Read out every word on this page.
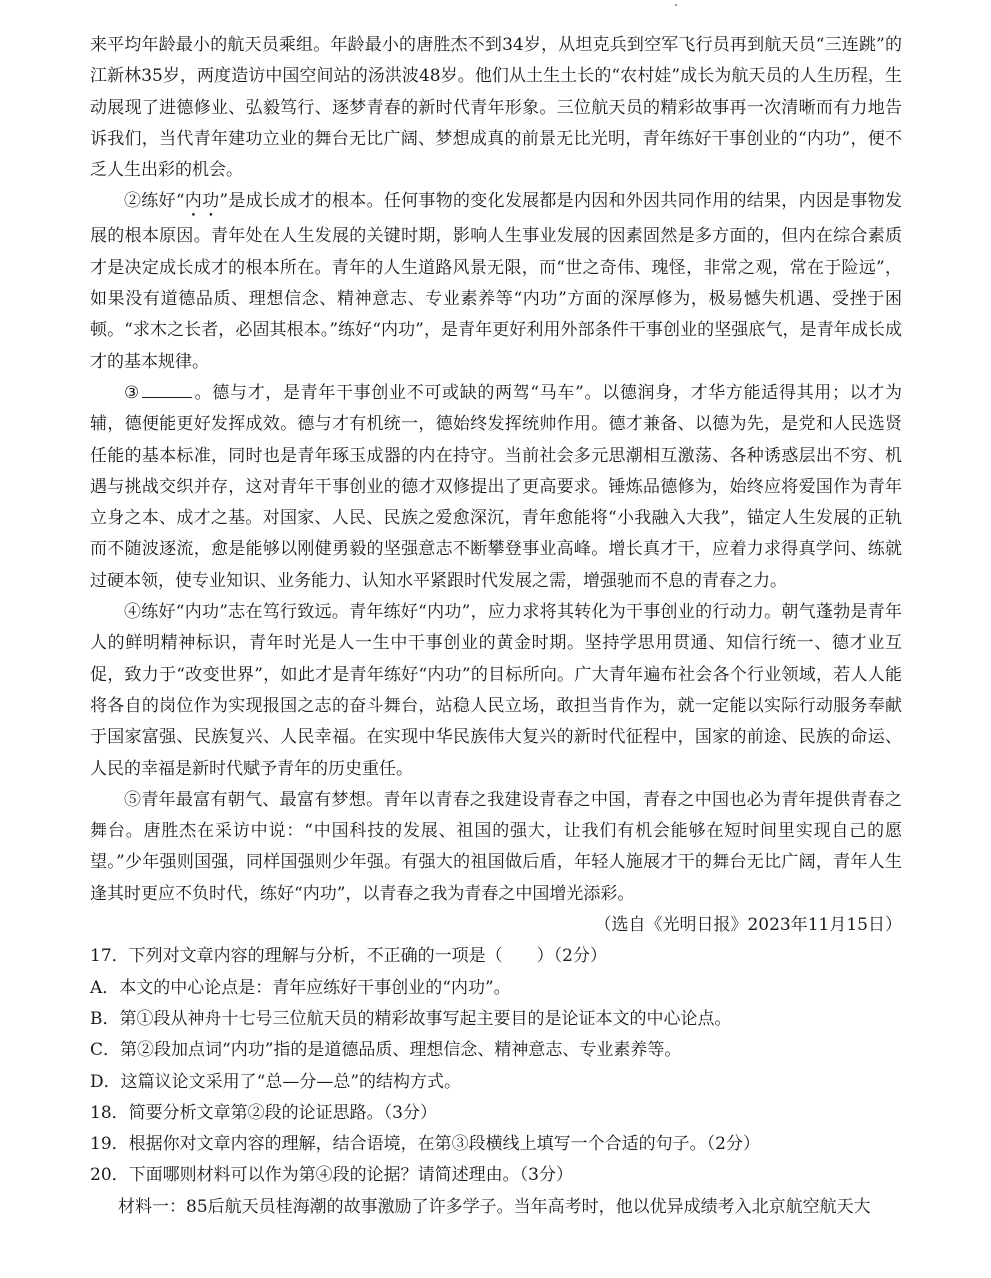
来平均年龄最小的航天员乘组。年龄最小的唐胜杰不到34岁，从坦克兵到空军飞行员再到航天员“三连跳”的江新林35岁，两度造访中国空间站的汤洪波48岁。他们从土生土长的“农村娃”成长为航天员的人生历程，生动展现了进德修业、弘毅笃行、逐梦青春的新时代青年形象。三位航天员的精彩故事再一次清晰而有力地告诉我们，当代青年建功立业的舞台无比广阔、梦想成真的前景无比光明，青年练好干事创业的“内功”，便不乏人生出彩的机会。

②练好“内功”是成长成才的根本。任何事物的变化发展都是内因和外因共同作用的结果，内因是事物发展的根本原因。青年处在人生发展的关键时期，影响人生事业发展的因素固然是多方面的，但内在综合素质才是决定成长成才的根本所在。青年的人生道路风景无限，而“世之奇伟、瑰怪，非常之观，常在于险远”，如果没有道德品质、理想信念、精神意志、专业素养等“内功”方面的深厚修为，极易憾失机遇、受挫于困顿。“求木之长者，必固其根本。”练好“内功”，是青年更好利用外部条件干事创业的坚强底气，是青年成长成才的基本规律。

③	。德与才，是青年干事创业不可或缺的两驾“马车”。以德润身，才华方能适得其用；以才为辅，德便能更好发挥成效。德与才有机统一，德始终发挥统帅作用。德才兼备、以德为先，是党和人民选贤任能的基本标准，同时也是青年琢玉成器的内在持守。当前社会多元思潮相互激荡、各种诱惑层出不穷、机遇与挑战交织并存，这对青年干事创业的德才双修提出了更高要求。锤炼品德修为，始终应将爱国作为青年立身之本、成才之基。对国家、人民、民族之爱愈深沉，青年愈能将“小我融入大我”，锚定人生发展的正轨而不随波逐流，愈是能够以刚健勇毅的坚强意志不断攀登事业高峰。增长真才干，应着力求得真学问、练就过硬本领，使专业知识、业务能力、认知水平紧跟时代发展之需，增强驰而不息的青春之力。

④练好“内功”志在笃行致远。青年练好“内功”，应力求将其转化为干事创业的行动力。朝气蓬勃是青年人的鲜明精神标识，青年时光是人一生中干事创业的黄金时期。坚持学思用贯通、知信行统一、德才业互促，致力于“改变世界”，如此才是青年练好“内功”的目标所向。广大青年遍布社会各个行业领域，若人人能将各自的岗位作为实现报国之志的奋斗舞台，站稳人民立场，敢担当肯作为，就一定能以实际行动服务奉献于国家富强、民族复兴、人民幸福。在实现中华民族伟大复兴的新时代征程中，国家的前途、民族的命运、人民的幸福是新时代赋予青年的历史重任。

⑤青年最富有朝气、最富有梦想。青年以青春之我建设青春之中国，青春之中国也必为青年提供青春之舞台。唐胜杰在采访中说：“中国科技的发展、祖国的强大，让我们有机会能够在短时间里实现自己的愿望。”少年强则国强，同样国强则少年强。有强大的祖国做后盾，年轻人施展才干的舞台无比广阔，青年人生逢其时更应不负时代，练好“内功”，以青春之我为青春之中国增光添彩。

（选自《光明日报》2023年11月15日）

17．下列对文章内容的理解与分析，不正确的一项是（　　）（2分）

A．本文的中心论点是：青年应练好干事创业的“内功”。

B．第①段从神舟十七号三位航天员的精彩故事写起主要目的是论证本文的中心论点。

C．第②段加点词“内功”指的是道德品质、理想信念、精神意志、专业素养等。

D．这篇议论文采用了“总—分—总”的结构方式。

18．简要分析文章第②段的论证思路。（3分）

19．根据你对文章内容的理解，结合语境，在第③段横线上填写一个合适的句子。（2分）

20．下面哪则材料可以作为第④段的论据？请简述理由。（3分）

材料一：85后航天员桂海潮的故事激励了许多学子。当年高考时，他以优异成绩考入北京航空航天大
